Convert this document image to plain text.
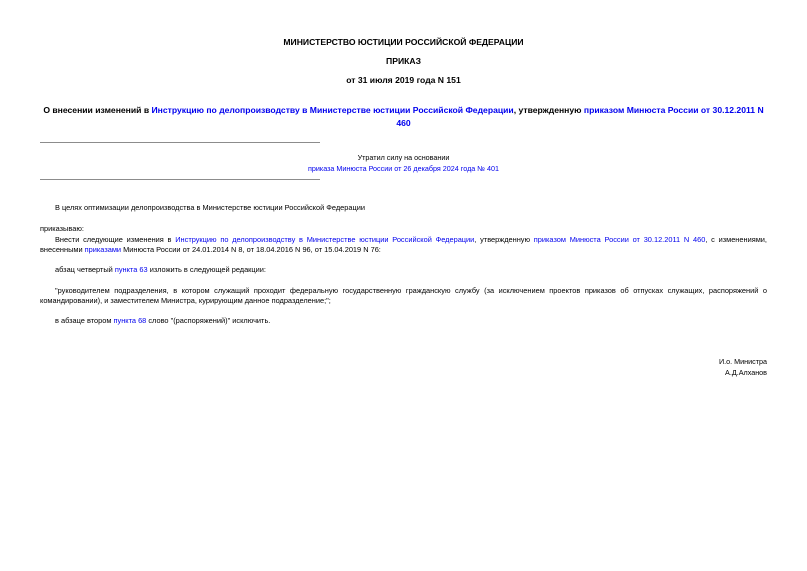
МИНИСТЕРСТВО ЮСТИЦИИ РОССИЙСКОЙ ФЕДЕРАЦИИ
ПРИКАЗ
от 31 июля 2019 года N 151
О внесении изменений в Инструкцию по делопроизводству в Министерстве юстиции Российской Федерации, утвержденную приказом Минюста России от 30.12.2011 N 460
Утратил силу на основании
приказа Минюста России от 26 декабря 2024 года № 401
В целях оптимизации делопроизводства в Министерстве юстиции Российской Федерации
приказываю:
Внести следующие изменения в Инструкцию по делопроизводству в Министерстве юстиции Российской Федерации, утвержденную приказом Минюста России от 30.12.2011 N 460, с изменениями, внесенными приказами Минюста России от 24.01.2014 N 8, от 18.04.2016 N 96, от 15.04.2019 N 76:
абзац четвертый пункта 63 изложить в следующей редакции:
"руководителем подразделения, в котором служащий проходит федеральную государственную гражданскую службу (за исключением проектов приказов об отпусках служащих, распоряжений о командировании), и заместителем Министра, курирующим данное подразделение;";
в абзаце втором пункта 68 слово "(распоряжений)" исключить.
И.о. Министра
А.Д.Алханов
